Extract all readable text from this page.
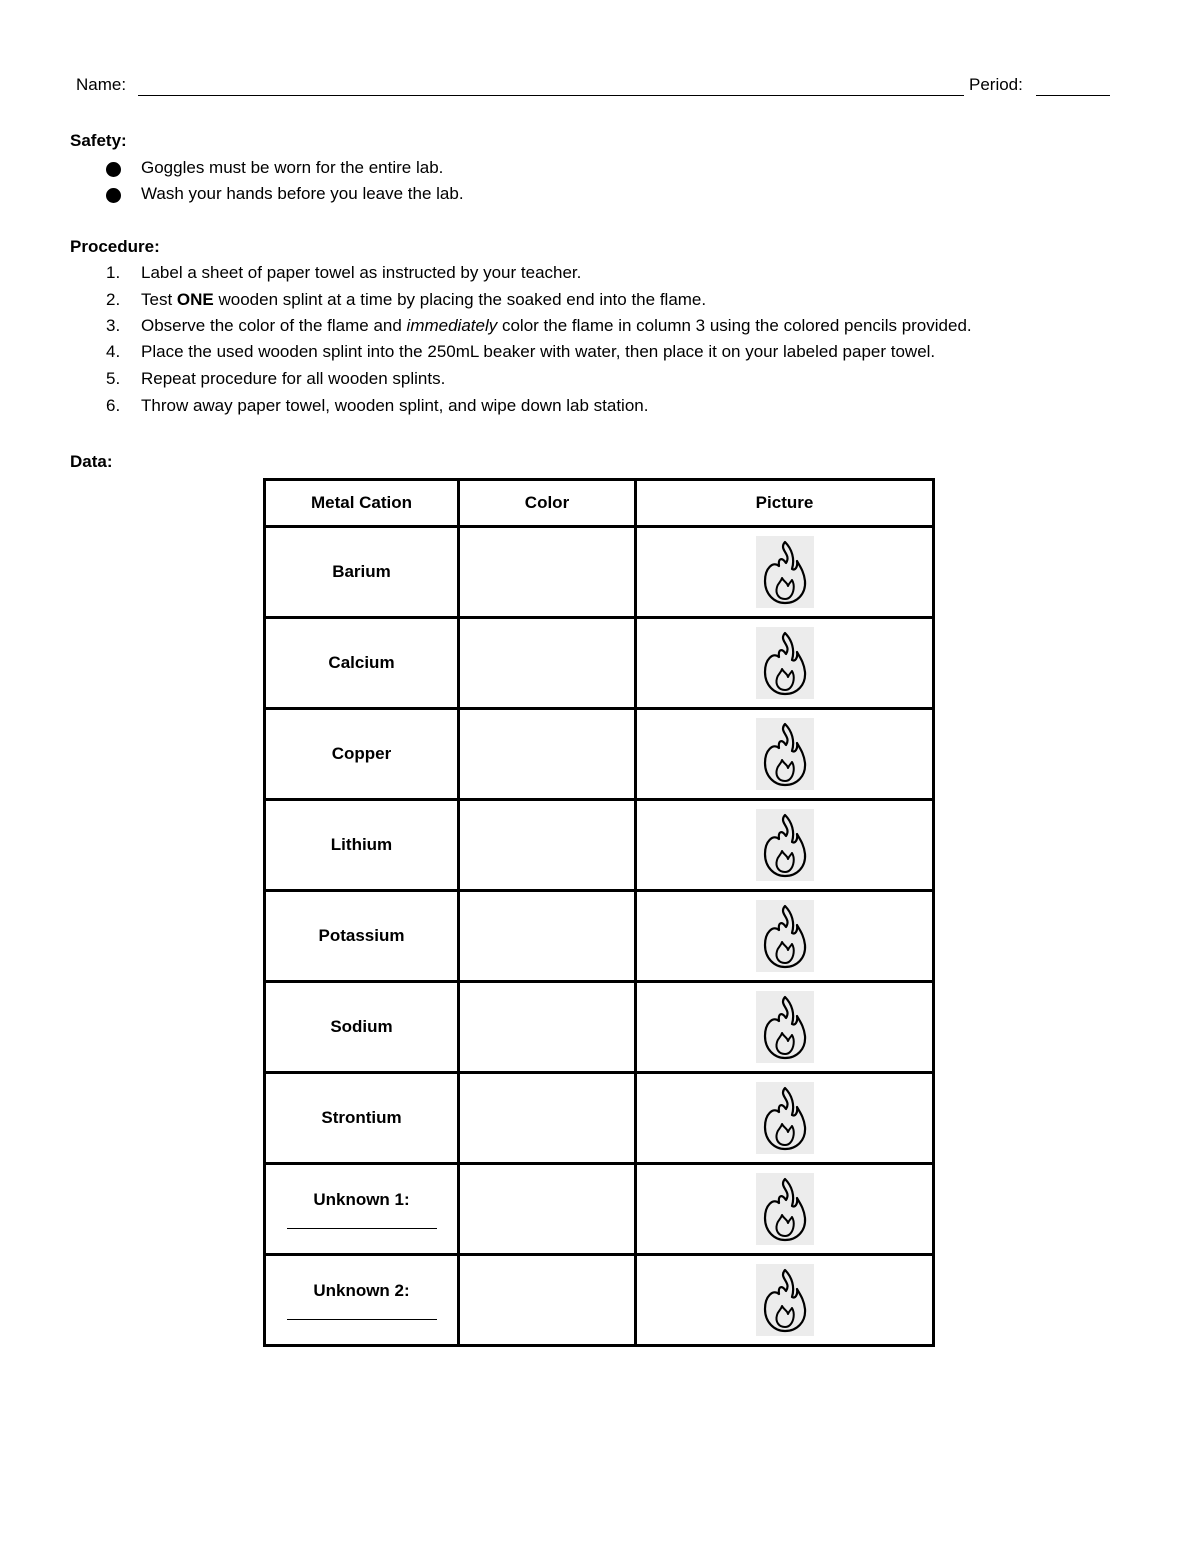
Name:	Period:
Safety:
Goggles must be worn for the entire lab.
Wash your hands before you leave the lab.
Procedure:
1.	Label a sheet of paper towel as instructed by your teacher.
2.	Test ONE wooden splint at a time by placing the soaked end into the flame.
3.	Observe the color of the flame and immediately color the flame in column 3 using the colored pencils provided.
4.	Place the used wooden splint into the 250mL beaker with water, then place it on your labeled paper towel.
5.	Repeat procedure for all wooden splints.
6.	Throw away paper towel, wooden splint, and wipe down lab station.
Data:
Metal Cation	Color	Picture
Barium		

Calcium		

Copper		

Lithium		

Potassium		

Sodium		

Strontium		

Unknown 1:

Unknown 2:
